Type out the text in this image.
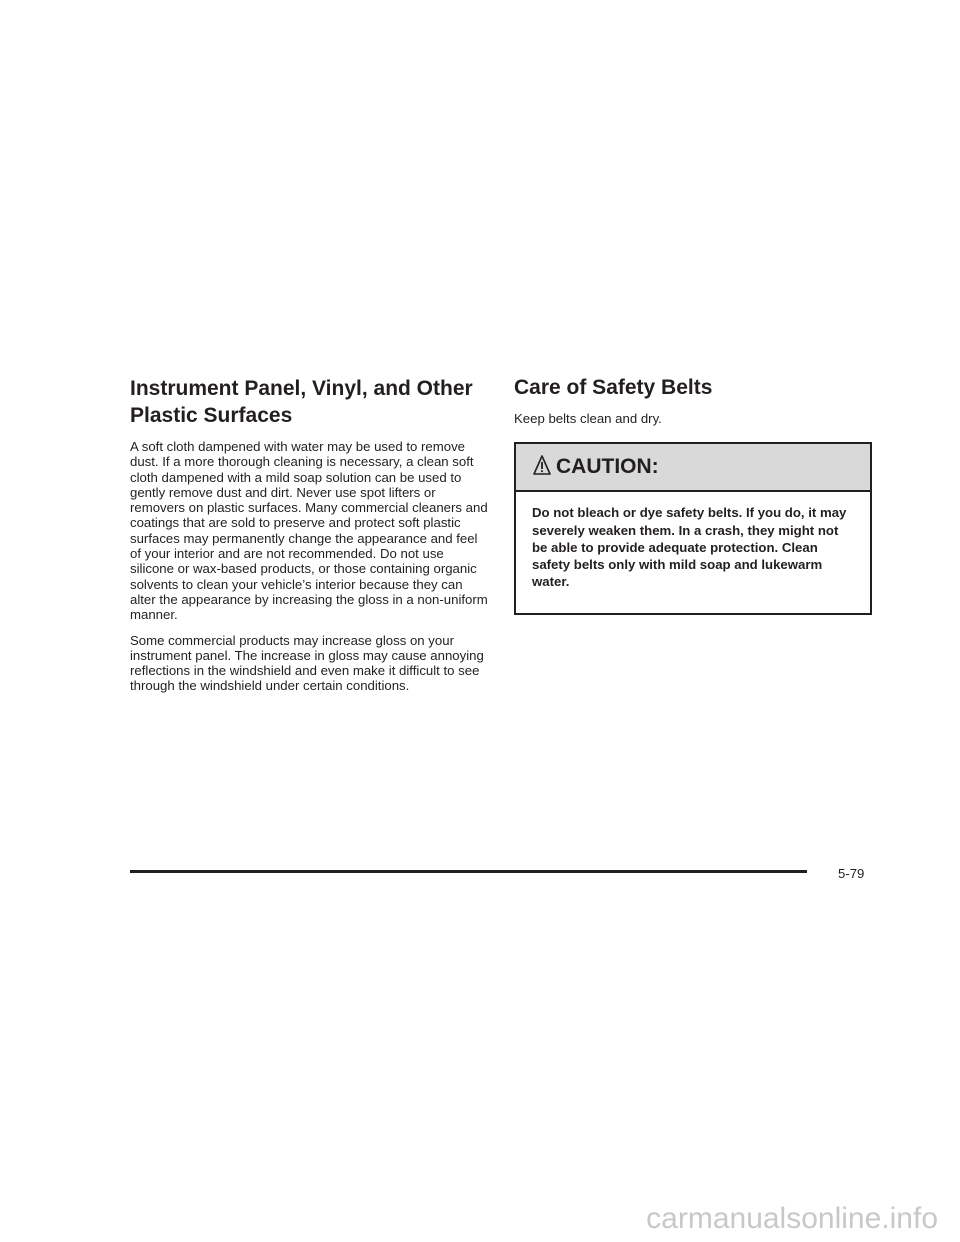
Instrument Panel, Vinyl, and Other
Plastic Surfaces

A soft cloth dampened with water may be used to remove dust. If a more thorough cleaning is necessary, a clean soft cloth dampened with a mild soap solution can be used to gently remove dust and dirt. Never use spot lifters or removers on plastic surfaces. Many commercial cleaners and coatings that are sold to preserve and protect soft plastic surfaces may permanently change the appearance and feel of your interior and are not recommended. Do not use silicone or wax-based products, or those containing organic solvents to clean your vehicle’s interior because they can alter the appearance by increasing the gloss in a non-uniform manner.

Some commercial products may increase gloss on your instrument panel. The increase in gloss may cause annoying reflections in the windshield and even make it difficult to see through the windshield under certain conditions.

Care of Safety Belts

Keep belts clean and dry.

CAUTION:

Do not bleach or dye safety belts. If you do, it may severely weaken them. In a crash, they might not be able to provide adequate protection. Clean safety belts only with mild soap and lukewarm water.

5-79
carmanualsonline.info
